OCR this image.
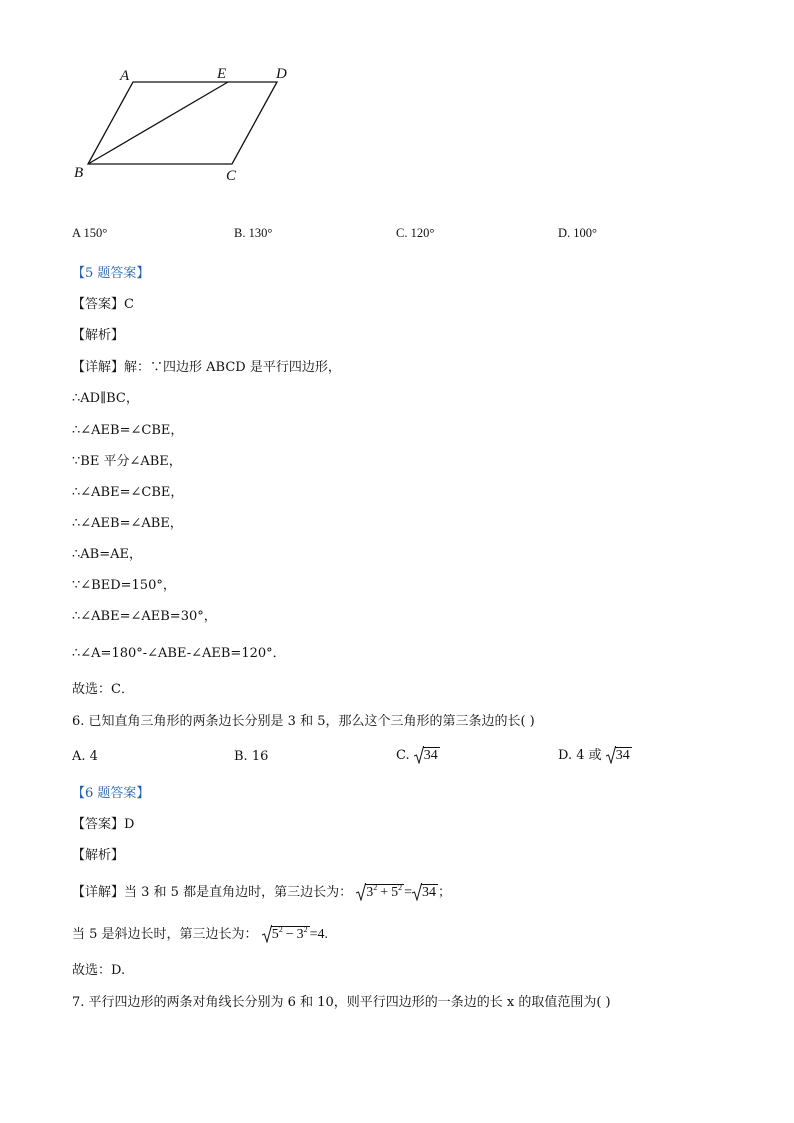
A	E	D
B	C
A 150°	B. 130°	C. 120°	D. 100°
【5 题答案】
【答案】C
【解析】
【详解】解：∵四边形 ABCD 是平行四边形，
∴AD∥BC，
∴∠AEB=∠CBE，
∵BE 平分∠ABE，
∴∠ABE=∠CBE，
∴∠AEB=∠ABE，
∴AB=AE，
∵∠BED=150°，
∴∠ABE=∠AEB=30°，
∴∠A=180°-∠ABE-∠AEB=120°．
故选：C．
6. 已知直角三角形的两条边长分别是 3 和 5，那么这个三角形的第三条边的长( )
A. 4	B. 16	C. 34	D. 4 或 34
【6 题答案】
【答案】D
【解析】
【详解】当 3 和 5 都是直角边时，第三边长为： $3^2 + 5^2 = 34$ ；
当 5 是斜边长时，第三边长为： $5^2 - 3^2 =4$.
故选：D.
7. 平行四边形的两条对角线长分别为 6 和 10，则平行四边形的一条边的长 x 的取值范围为( )
